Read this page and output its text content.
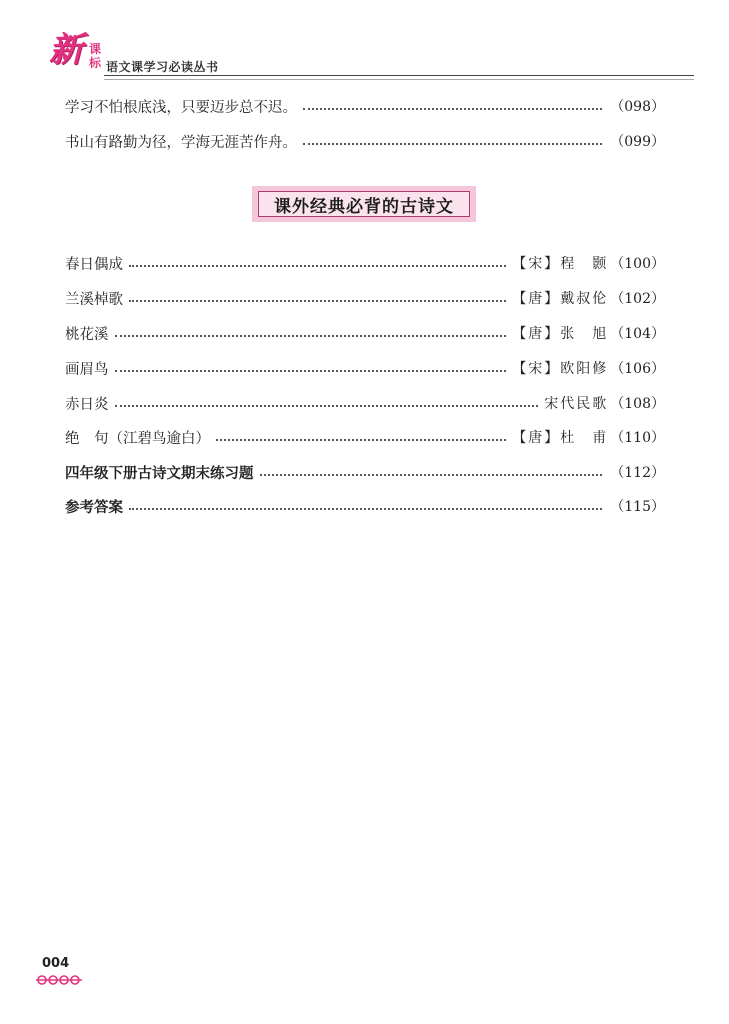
新 课
标 语文课学习必读丛书
学习不怕根底浅，只要迈步总不迟。	（098）
书山有路勤为径，学海无涯苦作舟。	（099）
课外经典必背的古诗文
春日偶成	【宋】程　颢 （100）
兰溪棹歌	【唐】戴叔伦 （102）
桃花溪	【唐】张　旭 （104）
画眉鸟	【宋】欧阳修 （106）
赤日炎	宋代民歌 （108）
绝　句（江碧鸟逾白）	【唐】杜　甫 （110）
四年级下册古诗文期末练习题	（112）
参考答案	（115）
004
